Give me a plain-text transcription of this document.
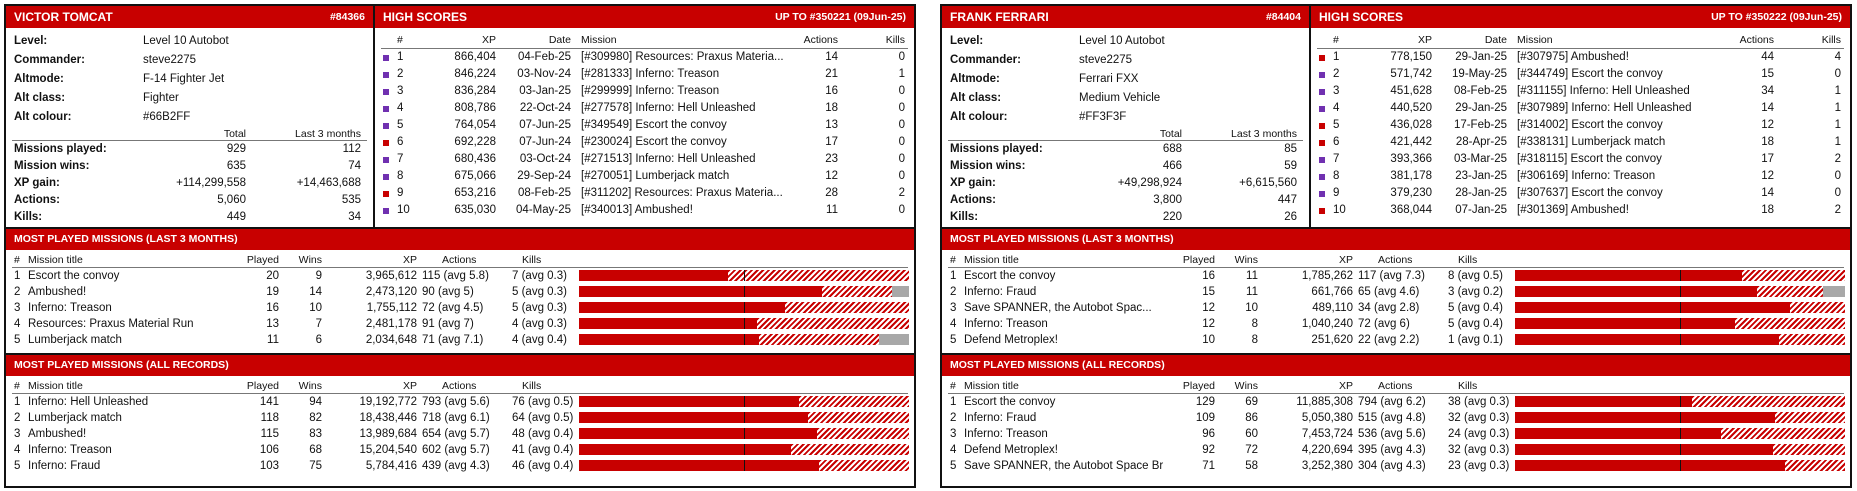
VICTOR TOMCAT	#84366
Level:	Level 10 Autobot
Commander:	steve2275
Altmode:	F-14 Fighter Jet
Alt class:	Fighter
Alt colour:	#66B2FF
Total	Last 3 months
Missions played:	929	112
Mission wins:	635	74
XP gain:	+114,299,558	+14,463,688
Actions:	5,060	535
Kills:	449	34
HIGH SCORES	UP TO #350221 (09Jun-25)
#	XP	Date Mission	Actions	Kills
1	866,404	04-Feb-25 [#309980] Resources: Praxus Materia...	14	0
2	846,224	03-Nov-24 [#281333] Inferno: Treason	21	1
3	836,284	03-Jan-25 [#299999] Inferno: Treason	16	0
4	808,786	22-Oct-24 [#277578] Inferno: Hell Unleashed	18	0
5	764,054	07-Jun-25 [#349549] Escort the convoy	13	0
6	692,228	07-Jun-24 [#230024] Escort the convoy	17	0
7	680,436	03-Oct-24 [#271513] Inferno: Hell Unleashed	23	0
8	675,066	29-Sep-24 [#270051] Lumberjack match	12	0
9	653,216	08-Feb-25 [#311202] Resources: Praxus Materia...	28	2
10	635,030	04-May-25 [#340013] Ambushed!	11	0
MOST PLAYED MISSIONS (LAST 3 MONTHS)
# Mission title	Played	Wins	XP Actions	Kills
1 Escort the convoy	20	9	3,965,612 115 (avg 5.8)	7 (avg 0.3)
2 Ambushed!	19	14	2,473,120 90 (avg 5)	5 (avg 0.3)
3 Inferno: Treason	16	10	1,755,112 72 (avg 4.5)	5 (avg 0.3)
4 Resources: Praxus Material Run	13	7	2,481,178 91 (avg 7)	4 (avg 0.3)
5 Lumberjack match	11	6	2,034,648 71 (avg 7.1)	4 (avg 0.4)
MOST PLAYED MISSIONS (ALL RECORDS)
# Mission title	Played	Wins	XP Actions	Kills
1 Inferno: Hell Unleashed	141	94	19,192,772 793 (avg 5.6)	76 (avg 0.5)
2 Lumberjack match	118	82	18,438,446 718 (avg 6.1)	64 (avg 0.5)
3 Ambushed!	115	83	13,989,684 654 (avg 5.7)	48 (avg 0.4)
4 Inferno: Treason	106	68	15,204,540 602 (avg 5.7)	41 (avg 0.4)
5 Inferno: Fraud	103	75	5,784,416 439 (avg 4.3)	46 (avg 0.4)
FRANK FERRARI	#84404
Level:	Level 10 Autobot
Commander:	steve2275
Altmode:	Ferrari FXX
Alt class:	Medium Vehicle
Alt colour:	#FF3F3F
Total	Last 3 months
Missions played:	688	85
Mission wins:	466	59
XP gain:	+49,298,924	+6,615,560
Actions:	3,800	447
Kills:	220	26
HIGH SCORES	UP TO #350222 (09Jun-25)
#	XP	Date Mission	Actions	Kills
1	778,150	29-Jan-25 [#307975] Ambushed!	44	4
2	571,742	19-May-25 [#344749] Escort the convoy	15	0
3	451,628	08-Feb-25 [#311155] Inferno: Hell Unleashed	34	1
4	440,520	29-Jan-25 [#307989] Inferno: Hell Unleashed	14	1
5	436,028	17-Feb-25 [#314002] Escort the convoy	12	1
6	421,442	28-Apr-25 [#338131] Lumberjack match	18	1
7	393,366	03-Mar-25 [#318115] Escort the convoy	17	2
8	381,178	23-Jan-25 [#306169] Inferno: Treason	12	0
9	379,230	28-Jan-25 [#307637] Escort the convoy	14	0
10	368,044	07-Jan-25 [#301369] Ambushed!	18	2
MOST PLAYED MISSIONS (LAST 3 MONTHS)
# Mission title	Played	Wins	XP Actions	Kills
1 Escort the convoy	16	11	1,785,262 117 (avg 7.3)	8 (avg 0.5)
2 Inferno: Fraud	15	11	661,766 65 (avg 4.6)	3 (avg 0.2)
3 Save SPANNER, the Autobot Spac...	12	10	489,110 34 (avg 2.8)	5 (avg 0.4)
4 Inferno: Treason	12	8	1,040,240 72 (avg 6)	5 (avg 0.4)
5 Defend Metroplex!	10	8	251,620 22 (avg 2.2)	1 (avg 0.1)
MOST PLAYED MISSIONS (ALL RECORDS)
# Mission title	Played	Wins	XP Actions	Kills
1 Escort the convoy	129	69	11,885,308 794 (avg 6.2)	38 (avg 0.3)
2 Inferno: Fraud	109	86	5,050,380 515 (avg 4.8)	32 (avg 0.3)
3 Inferno: Treason	96	60	7,453,724 536 (avg 5.6)	24 (avg 0.3)
4 Defend Metroplex!	92	72	4,220,694 395 (avg 4.3)	32 (avg 0.3)
5 Save SPANNER, the Autobot Space Br	71	58	3,252,380 304 (avg 4.3)	23 (avg 0.3)
